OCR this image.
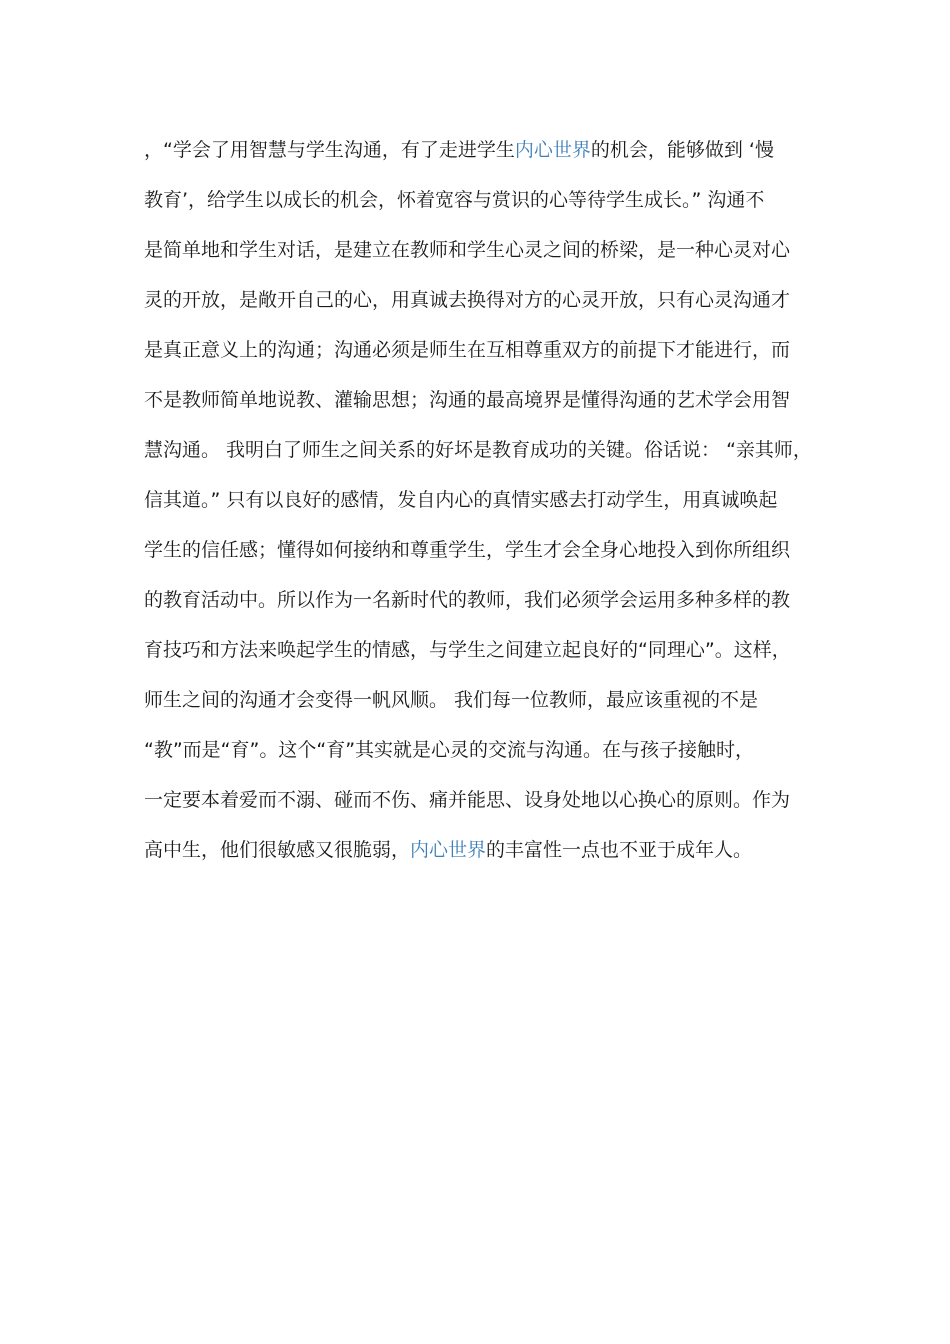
，“学会了用智慧与学生沟通，有了走进学生内心世界的机会，能够做到 ‘慢
教育’，给学生以成长的机会，怀着宽容与赏识的心等待学生成长。” 沟通不
是简单地和学生对话，是建立在教师和学生心灵之间的桥梁，是一种心灵对心
灵的开放，是敞开自己的心，用真诚去换得对方的心灵开放，只有心灵沟通才
是真正意义上的沟通；沟通必须是师生在互相尊重双方的前提下才能进行，而
不是教师简单地说教、灌输思想；沟通的最高境界是懂得沟通的艺术学会用智
慧沟通。 我明白了师生之间关系的好坏是教育成功的关键。俗话说： “亲其师，
信其道。” 只有以良好的感情，发自内心的真情实感去打动学生，用真诚唤起
学生的信任感；懂得如何接纳和尊重学生，学生才会全身心地投入到你所组织
的教育活动中。所以作为一名新时代的教师，我们必须学会运用多种多样的教
育技巧和方法来唤起学生的情感，与学生之间建立起良好的“同理心”。这样，
师生之间的沟通才会变得一帆风顺。 我们每一位教师，最应该重视的不是
“教”而是“育”。这个“育”其实就是心灵的交流与沟通。在与孩子接触时，
一定要本着爱而不溺、碰而不伤、痛并能思、设身处地以心换心的原则。作为
高中生，他们很敏感又很脆弱，内心世界的丰富性一点也不亚于成年人。
